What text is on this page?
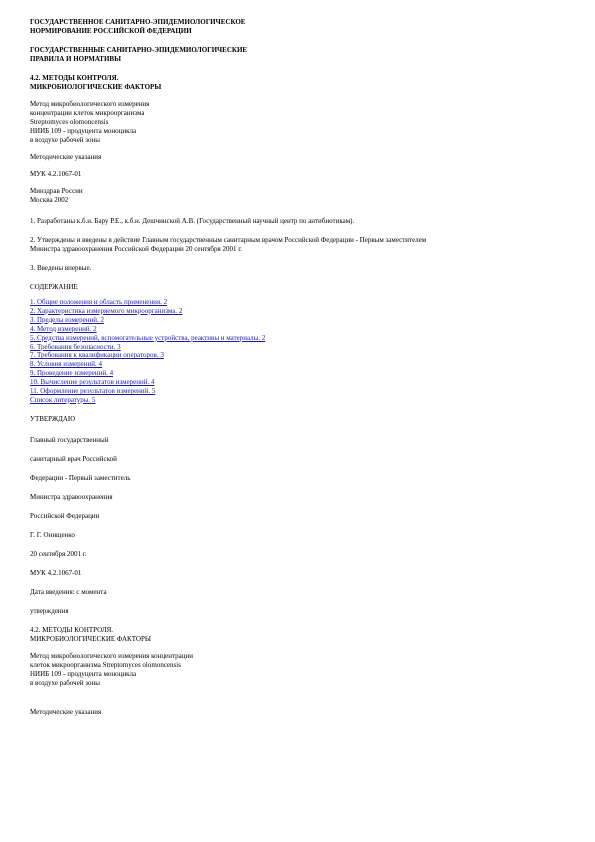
ГОСУДАРСТВЕННОЕ САНИТАРНО-ЭПИДЕМИОЛОГИЧЕСКОЕ
НОРМИРОВАНИЕ РОССИЙСКОЙ ФЕДЕРАЦИИ
ГОСУДАРСТВЕННЫЕ САНИТАРНО-ЭПИДЕМИОЛОГИЧЕСКИЕ
ПРАВИЛА И НОРМАТИВЫ
4.2. МЕТОДЫ КОНТРОЛЯ.
МИКРОБИОЛОГИЧЕСКИЕ ФАКТОРЫ
Метод микробиологического измерения
концентрации клеток микроорганизма
Streptomyces olomoncensis
НИИБ 109 - продуцента моноцикла
в воздухе рабочей зоны
Методические указания
МУК 4.2.1067-01
Минздрав России
Москва 2002
1. Разработаны к.б.н. Бару Р.Е., к.б.н. Дешчинской А.В. (Государственный научный центр по антибиотикам).
2. Утверждены и введены в действие Главным государственным санитарным врачом Российской Федерации - Первым заместителем
Министра здравоохранения Российской Федерации 20 сентября 2001 г.
3. Введены впервые.
СОДЕРЖАНИЕ
1. Общие положения и область применения. 2
2. Характеристика измеряемого микроорганизма. 2
3. Пределы измерений. 2
4. Метод измерений. 2
5. Средства измерений, вспомогательные устройства, реактивы и материалы. 2
6. Требования безопасности. 3
7. Требования к квалификации операторов. 3
8. Условия измерений. 4
9. Проведение измерений. 4
10. Вычисление результатов измерений. 4
11. Оформление результатов измерений. 5
Список литературы. 5
УТВЕРЖДАЮ
Главный государственный
санитарный врач Российской
Федерации - Первый заместитель
Министра здравоохранения
Российской Федерации
Г. Г. Онищенко
20 сентября 2001 г.
МУК 4.2.1067-01
Дата введения: с момента
утверждения
4.2. МЕТОДЫ КОНТРОЛЯ.
МИКРОБИОЛОГИЧЕСКИЕ ФАКТОРЫ
Метод микробиологического измерения концентрации
клеток микроорганизма Streptomyces olomoncensis
НИИБ 109 - продуцента моноцикла
в воздухе рабочей зоны
Методические указания
